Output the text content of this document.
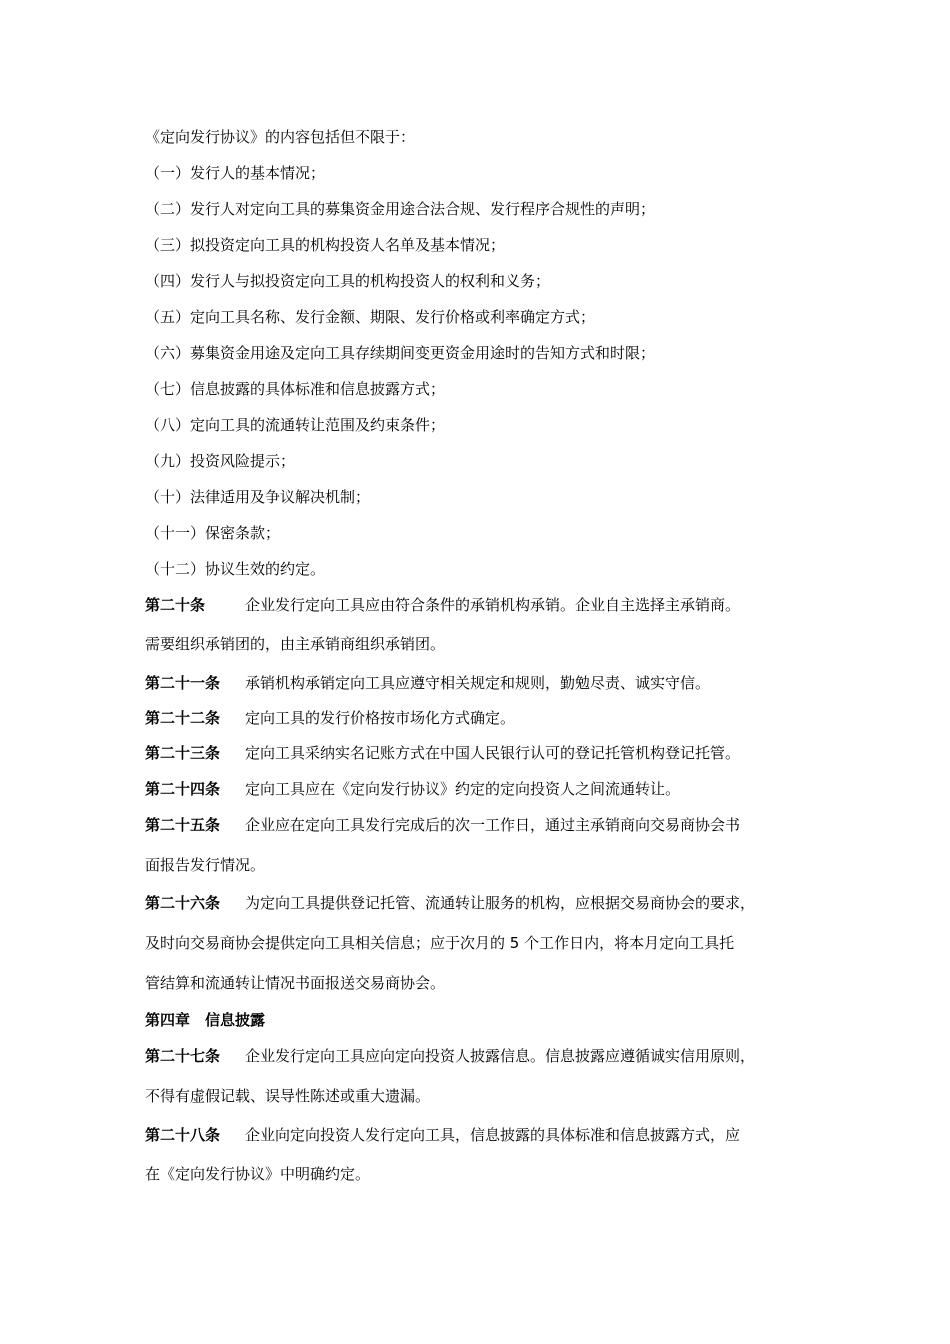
《定向发行协议》的内容包括但不限于：
（一）发行人的基本情况；
（二）发行人对定向工具的募集资金用途合法合规、发行程序合规性的声明；
（三）拟投资定向工具的机构投资人名单及基本情况；
（四）发行人与拟投资定向工具的机构投资人的权利和义务；
（五）定向工具名称、发行金额、期限、发行价格或利率确定方式；
（六）募集资金用途及定向工具存续期间变更资金用途时的告知方式和时限；
（七）信息披露的具体标准和信息披露方式；
（八）定向工具的流通转让范围及约束条件；
（九）投资风险提示；
（十）法律适用及争议解决机制；
（十一）保密条款；
（十二）协议生效的约定。
第二十条	企业发行定向工具应由符合条件的承销机构承销。企业自主选择主承销商。
需要组织承销团的，由主承销商组织承销团。
第二十一条 承销机构承销定向工具应遵守相关规定和规则，勤勉尽责、诚实守信。
第二十二条 定向工具的发行价格按市场化方式确定。
第二十三条 定向工具采纳实名记账方式在中国人民银行认可的登记托管机构登记托管。
第二十四条 定向工具应在《定向发行协议》约定的定向投资人之间流通转让。
第二十五条 企业应在定向工具发行完成后的次一工作日，通过主承销商向交易商协会书
面报告发行情况。
第二十六条 为定向工具提供登记托管、流通转让服务的机构，应根据交易商协会的要求，
及时向交易商协会提供定向工具相关信息；应于次月的 5 个工作日内，将本月定向工具托
管结算和流通转让情况书面报送交易商协会。
第四章　信息披露
第二十七条 企业发行定向工具应向定向投资人披露信息。信息披露应遵循诚实信用原则，
不得有虚假记载、误导性陈述或重大遗漏。
第二十八条 企业向定向投资人发行定向工具，信息披露的具体标准和信息披露方式，应
在《定向发行协议》中明确约定。
